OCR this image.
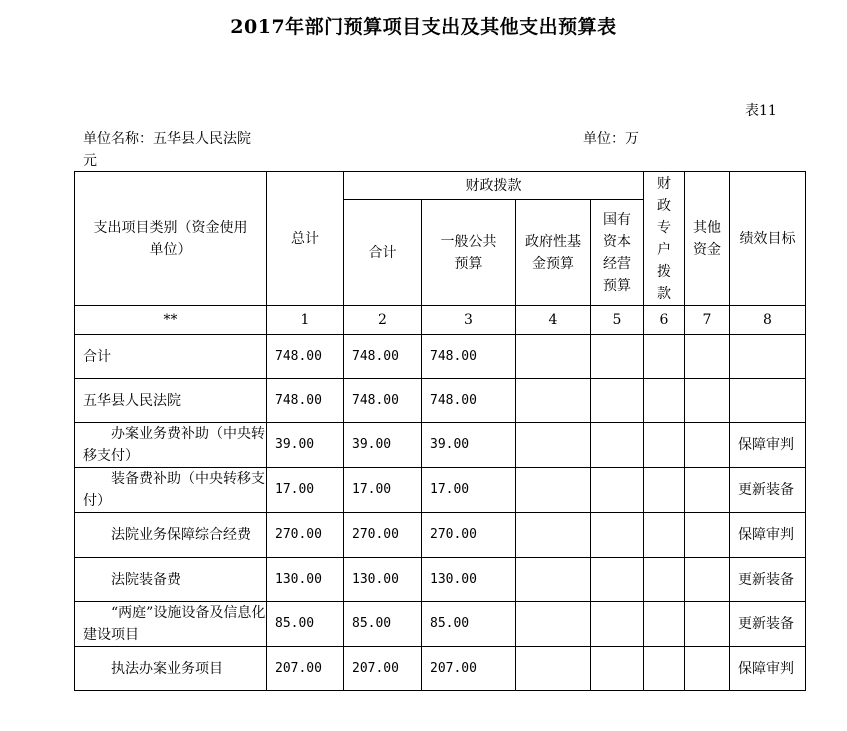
2017年部门预算项目支出及其他支出预算表
表11
单位名称：五华县人民法院	单位：万
元
支出项目类别（资金使用单位）	总计	财政拨款				财政专户拨款	其他资金	绩效目标
		合计	一般公共预算	政府性基金预算	国有资本经营预算			
**	1	2	3	4	5	6	7	8
合计	748.00	748.00	748.00					
五华县人民法院	748.00	748.00	748.00					
办案业务费补助（中央转移支付）	39.00	39.00	39.00					保障审判
装备费补助（中央转移支付）	17.00	17.00	17.00					更新装备
法院业务保障综合经费	270.00	270.00	270.00					保障审判
法院装备费	130.00	130.00	130.00					更新装备
“两庭”设施设备及信息化建设项目	85.00	85.00	85.00					更新装备
执法办案业务项目	207.00	207.00	207.00					保障审判
